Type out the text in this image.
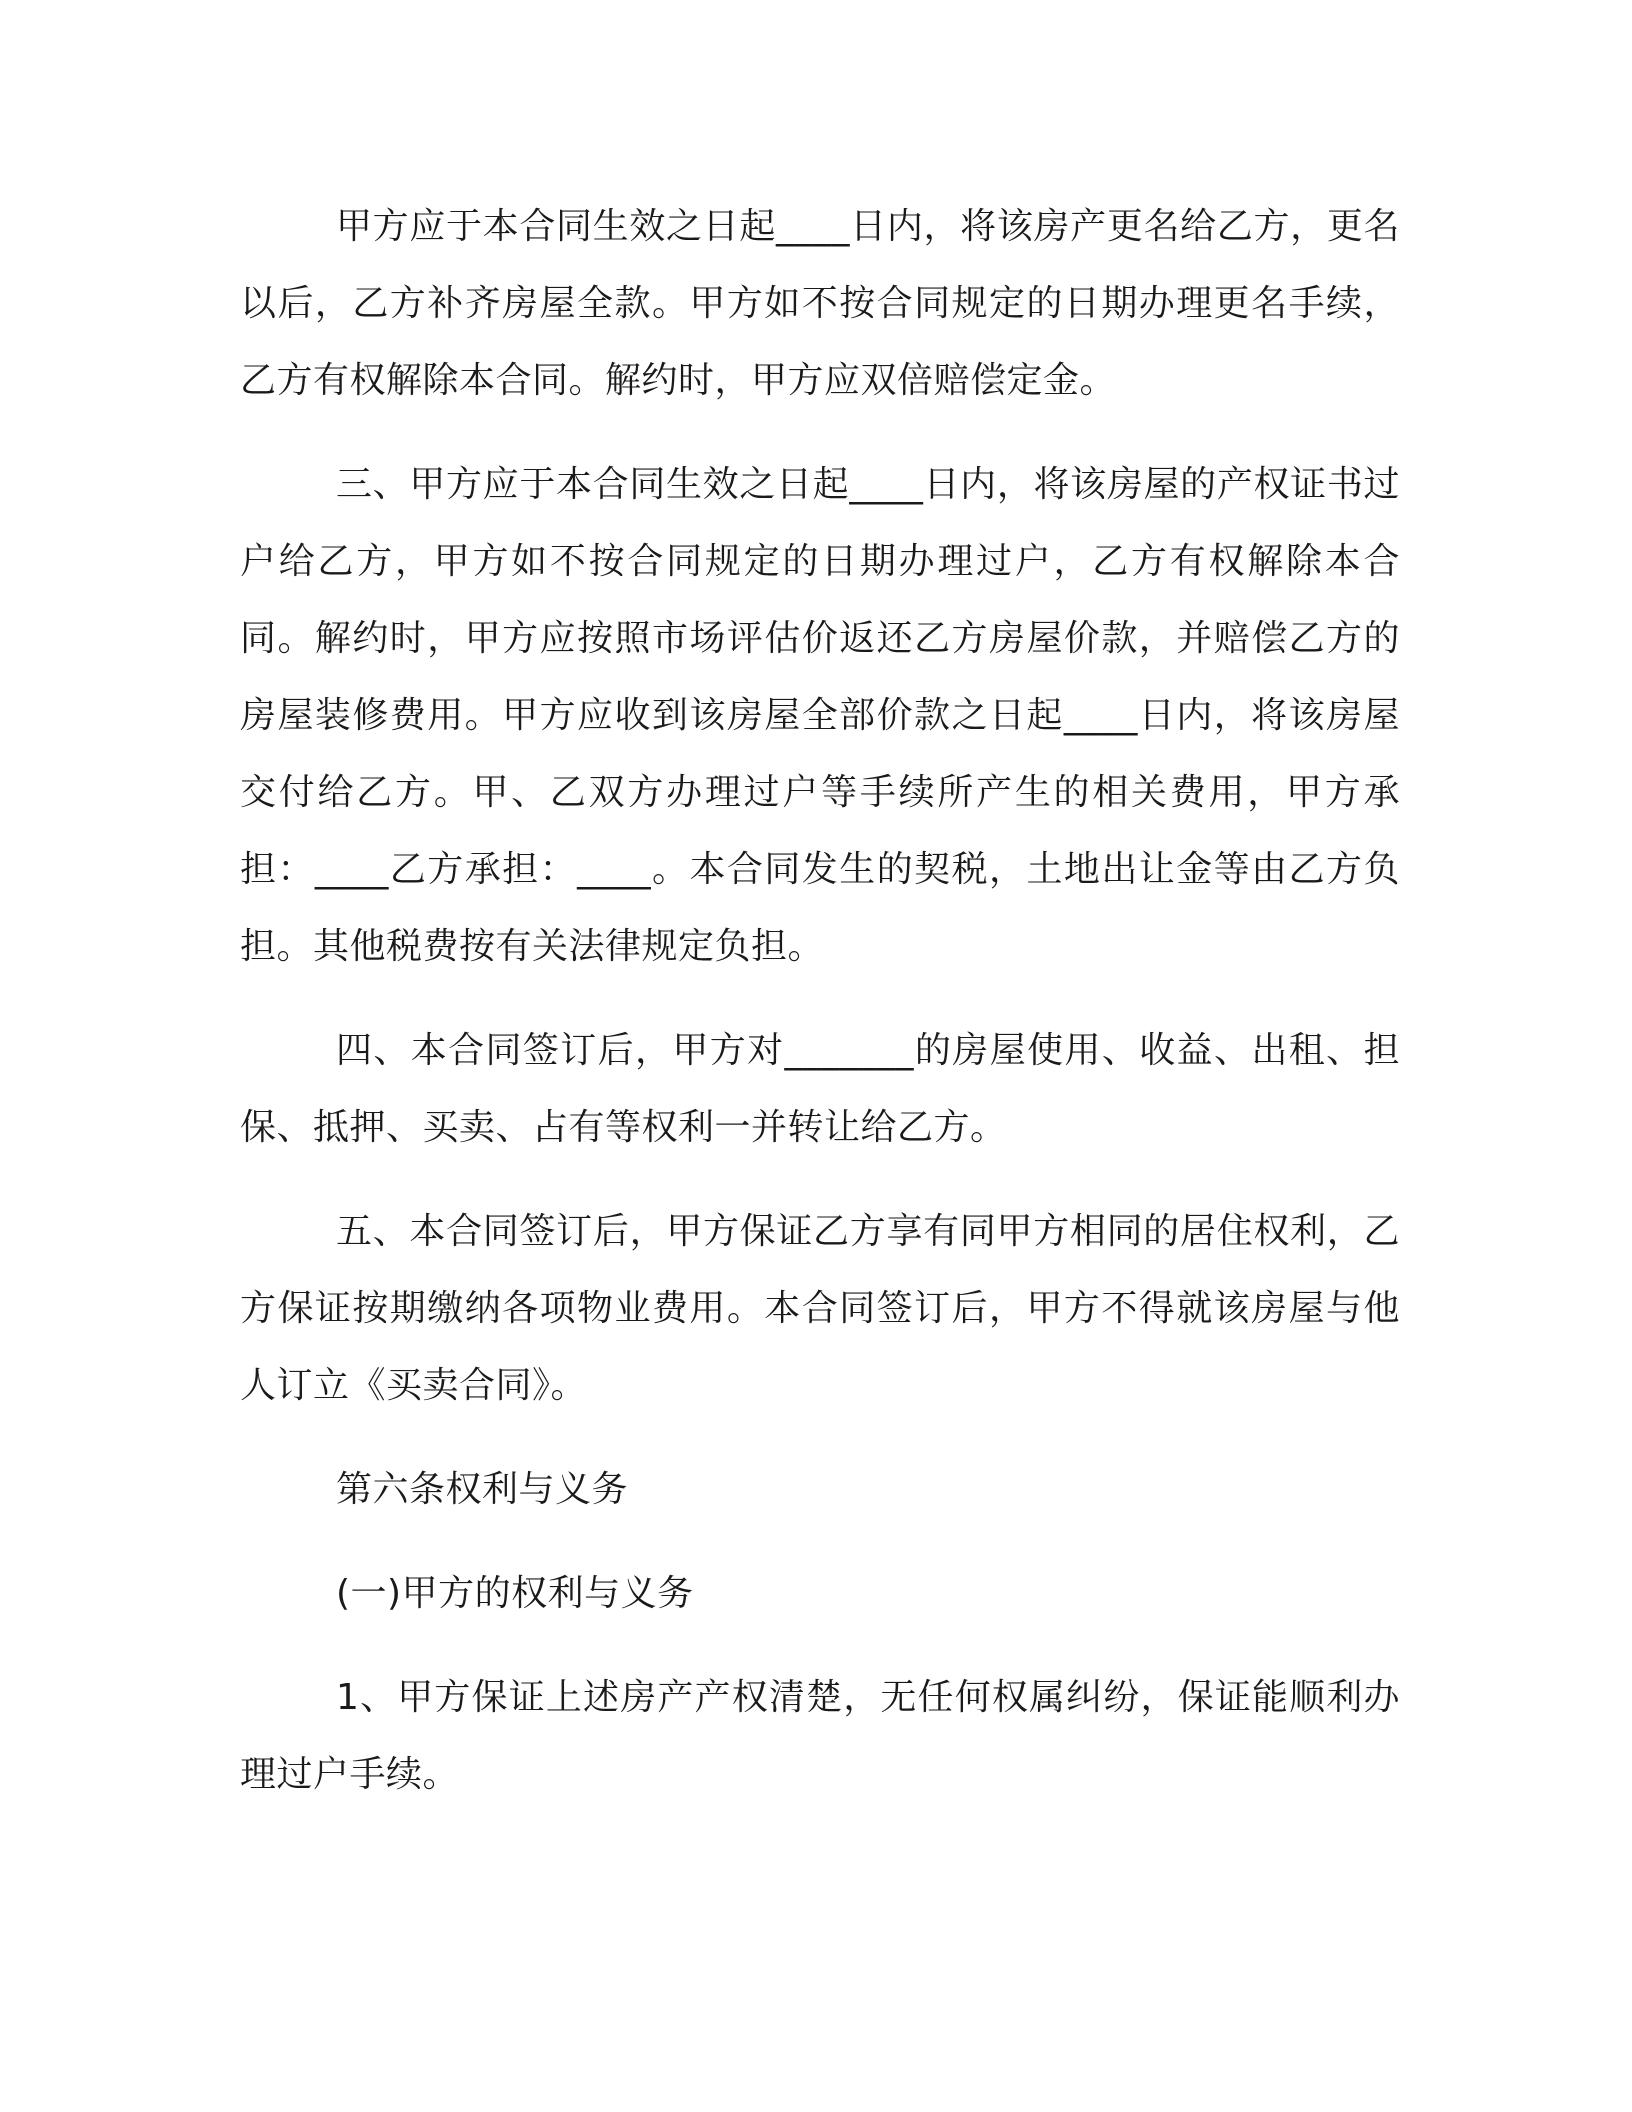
甲方应于本合同生效之日起____日内，将该房产更名给乙方，更名以后，乙方补齐房屋全款。甲方如不按合同规定的日期办理更名手续，乙方有权解除本合同。解约时，甲方应双倍赔偿定金。

三、甲方应于本合同生效之日起____日内，将该房屋的产权证书过户给乙方，甲方如不按合同规定的日期办理过户，乙方有权解除本合同。解约时，甲方应按照市场评估价返还乙方房屋价款，并赔偿乙方的房屋装修费用。甲方应收到该房屋全部价款之日起____日内，将该房屋交付给乙方。甲、乙双方办理过户等手续所产生的相关费用，甲方承担：____乙方承担：____。本合同发生的契税，土地出让金等由乙方负担。其他税费按有关法律规定负担。

四、本合同签订后，甲方对_______的房屋使用、收益、出租、担保、抵押、买卖、占有等权利一并转让给乙方。

五、本合同签订后，甲方保证乙方享有同甲方相同的居住权利，乙方保证按期缴纳各项物业费用。本合同签订后，甲方不得就该房屋与他人订立《买卖合同》。

第六条权利与义务

(一)甲方的权利与义务

1、甲方保证上述房产产权清楚，无任何权属纠纷，保证能顺利办理过户手续。
